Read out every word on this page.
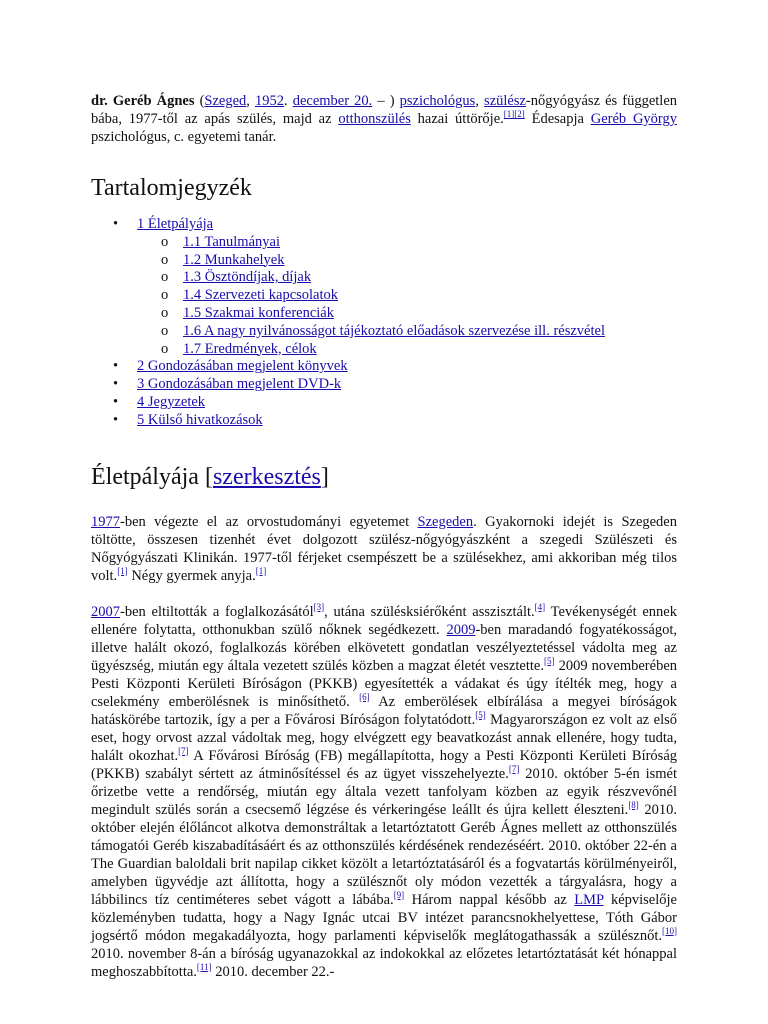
dr. Geréb Ágnes (Szeged, 1952. december 20. – ) pszichológus, szülész-nőgyógyász és független bába, 1977-től az apás szülés, majd az otthonszülés hazai úttörője.[1][2] Édesapja Geréb György pszichológus, c. egyetemi tanár.

Tartalomjegyzék
• 1 Életpályája
o 1.1 Tanulmányai
o 1.2 Munkahelyek
o 1.3 Ösztöndíjak, díjak
o 1.4 Szervezeti kapcsolatok
o 1.5 Szakmai konferenciák
o 1.6 A nagy nyilvánosságot tájékoztató előadások szervezése ill. részvétel
o 1.7 Eredmények, célok
• 2 Gondozásában megjelent könyvek
• 3 Gondozásában megjelent DVD-k
• 4 Jegyzetek
• 5 Külső hivatkozások
Életpályája [szerkesztés]

1977-ben végezte el az orvostudományi egyetemet Szegeden. Gyakornoki idejét is Szegeden töltötte, összesen tizenhét évet dolgozott szülész-nőgyógyászként a szegedi Szülészeti és Nőgyógyászati Klinikán. 1977-től férjeket csempészett be a szülésekhez, ami akkoriban még tilos volt.[1] Négy gyermek anyja.[1]

2007-ben eltiltották a foglalkozásától[3], utána szülésksiérőként asszisztált.[4] Tevékenységét ennek ellenére folytatta, otthonukban szülő nőknek segédkezett. 2009-ben maradandó fogyatékosságot, illetve halált okozó, foglalkozás körében elkövetett gondatlan veszélyeztetéssel vádolta meg az ügyészség, miután egy általa vezetett szülés közben a magzat életét vesztette.[5] 2009 novemberében Pesti Központi Kerületi Bíróságon (PKKB) egyesítették a vádakat és úgy ítélték meg, hogy a cselekmény emberölésnek is minősíthető. [6] Az emberölések elbírálása a megyei bíróságok hatáskörébe tartozik, így a per a Fővárosi Bíróságon folytatódott.[5] Magyarországon ez volt az első eset, hogy orvost azzal vádoltak meg, hogy elvégzett egy beavatkozást annak ellenére, hogy tudta, halált okozhat.[7] A Fővárosi Bíróság (FB) megállapította, hogy a Pesti Központi Kerületi Bíróság (PKKB) szabályt sértett az átminősítéssel és az ügyet visszehelyezte.[7] 2010. október 5-én ismét őrizetbe vette a rendőrség, miután egy általa vezett tanfolyam közben az egyik részvevőnél megindult szülés során a csecsemő légzése és vérkeringése leállt és újra kellett éleszteni.[8] 2010. október elején élőláncot alkotva demonstráltak a letartóztatott Geréb Ágnes mellett az otthonszülés támogatói Geréb kiszabadításáért és az otthonszülés kérdésének rendezéséért. 2010. október 22-én a The Guardian baloldali brit napilap cikket közölt a letartóztatásáról és a fogvatartás körülményeiről, amelyben ügyvédje azt állította, hogy a szülésznőt oly módon vezették a tárgyalásra, hogy a lábbilincs tíz centiméteres sebet vágott a lábába.[9] Három nappal később az LMP képviselője közleményben tudatta, hogy a Nagy Ignác utcai BV intézet parancsnokhelyettese, Tóth Gábor jogsértő módon megakadályozta, hogy parlamenti képviselők meglátogathassák a szülésznőt.[10] 2010. november 8-án a bíróság ugyanazokkal az indokokkal az előzetes letartóztatását két hónappal meghoszabbította.[11] 2010. december 22.-
